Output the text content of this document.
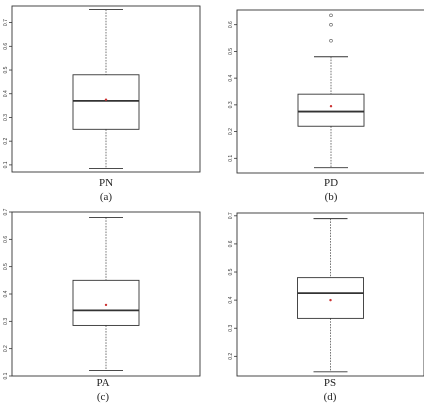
0.1
0.2
0.3
0.4
0.5
0.6
0.7
PN
(a)
0.1
0.2
0.3
0.4
0.5
0.6
PD
(b)
0.1
0.2
0.3
0.4
0.5
0.6
0.7
PA
(c)
0.2
0.3
0.4
0.5
0.6
0.7
PS
(d)
